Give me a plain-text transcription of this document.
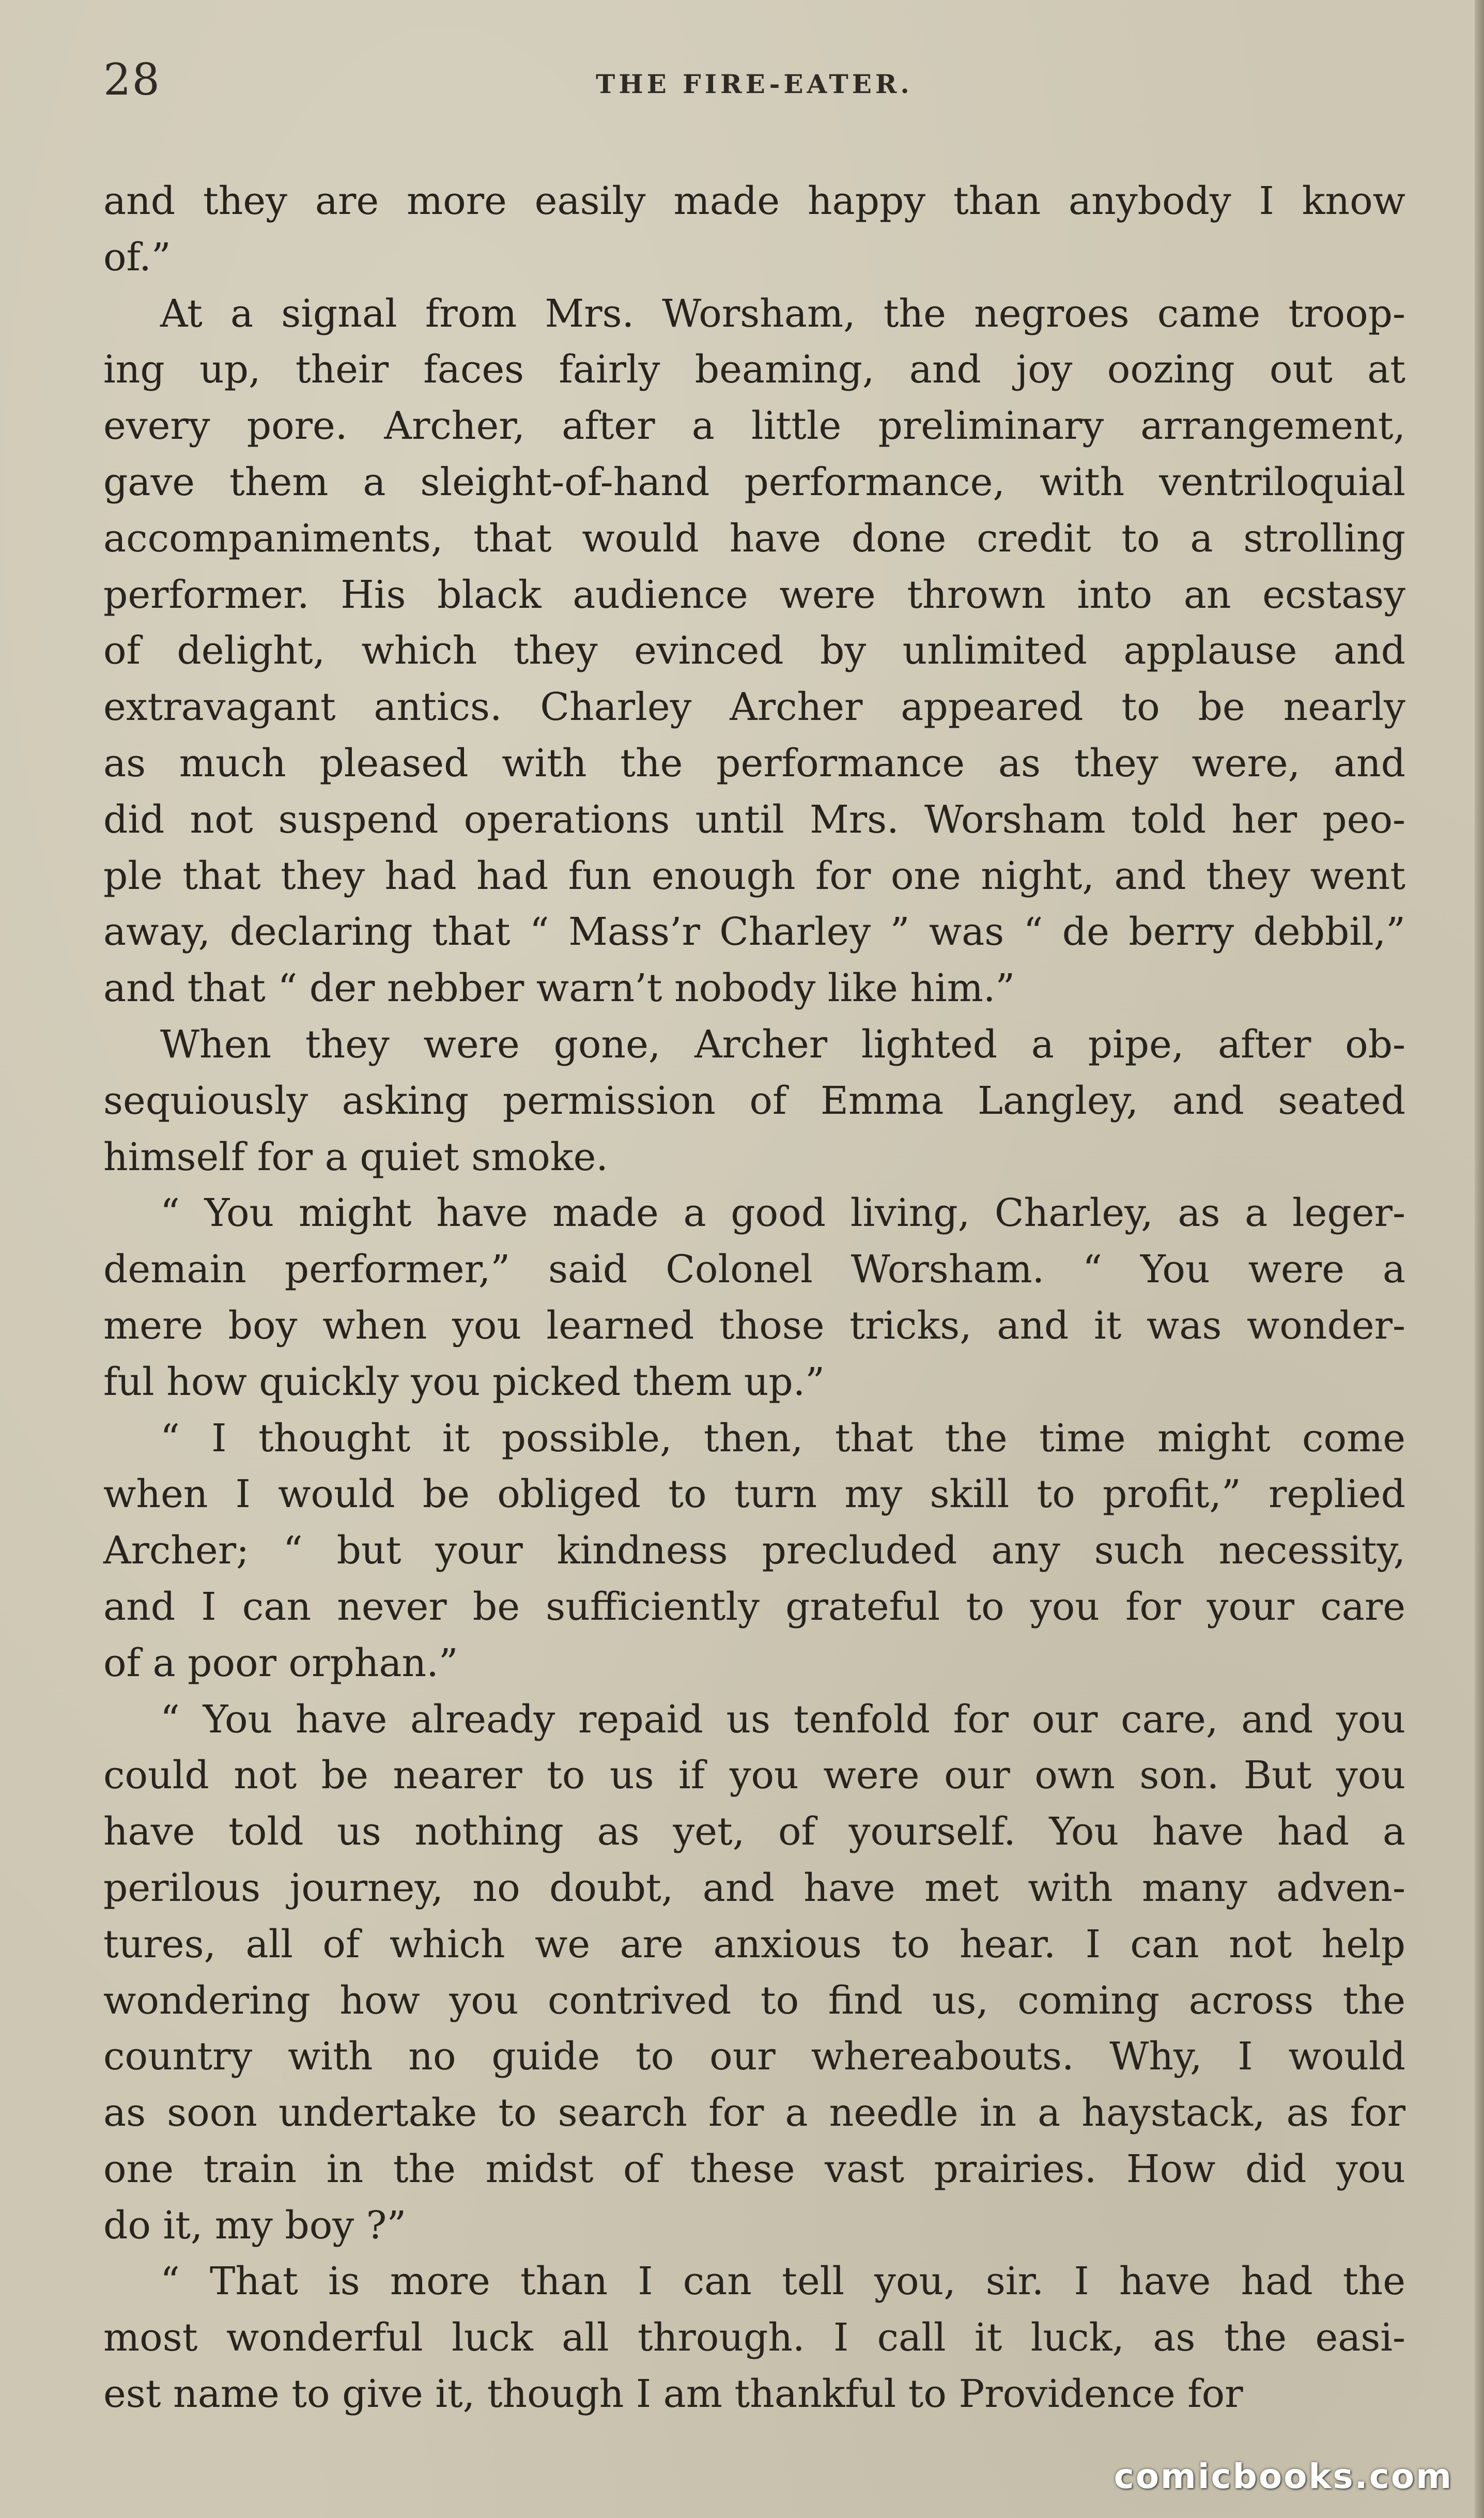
28	THE FIRE-EATER.
and they are more easily made happy than anybody I know
of.”
At a signal from Mrs. Worsham, the negroes came troop-
ing up, their faces fairly beaming, and joy oozing out at
every pore. Archer, after a little preliminary arrangement,
gave them a sleight-of-hand performance, with ventriloquial
accompaniments, that would have done credit to a strolling
performer. His black audience were thrown into an ecstasy
of delight, which they evinced by unlimited applause and
extravagant antics. Charley Archer appeared to be nearly
as much pleased with the performance as they were, and
did not suspend operations until Mrs. Worsham told her peo-
ple that they had had fun enough for one night, and they went
away, declaring that “ Mass’r Charley ” was “ de berry debbil,”
and that “ der nebber warn’t nobody like him.”
When they were gone, Archer lighted a pipe, after ob-
sequiously asking permission of Emma Langley, and seated
himself for a quiet smoke.
“ You might have made a good living, Charley, as a leger-
demain performer,” said Colonel Worsham. “ You were a
mere boy when you learned those tricks, and it was wonder-
ful how quickly you picked them up.”
“ I thought it possible, then, that the time might come
when I would be obliged to turn my skill to profit,” replied
Archer; “ but your kindness precluded any such necessity,
and I can never be sufficiently grateful to you for your care
of a poor orphan.”
“ You have already repaid us tenfold for our care, and you
could not be nearer to us if you were our own son. But you
have told us nothing as yet, of yourself. You have had a
perilous journey, no doubt, and have met with many adven-
tures, all of which we are anxious to hear. I can not help
wondering how you contrived to find us, coming across the
country with no guide to our whereabouts. Why, I would
as soon undertake to search for a needle in a haystack, as for
one train in the midst of these vast prairies. How did you
do it, my boy ?”
“ That is more than I can tell you, sir. I have had the
most wonderful luck all through. I call it luck, as the easi-
est name to give it, though I am thankful to Providence for
comicbooks.com
